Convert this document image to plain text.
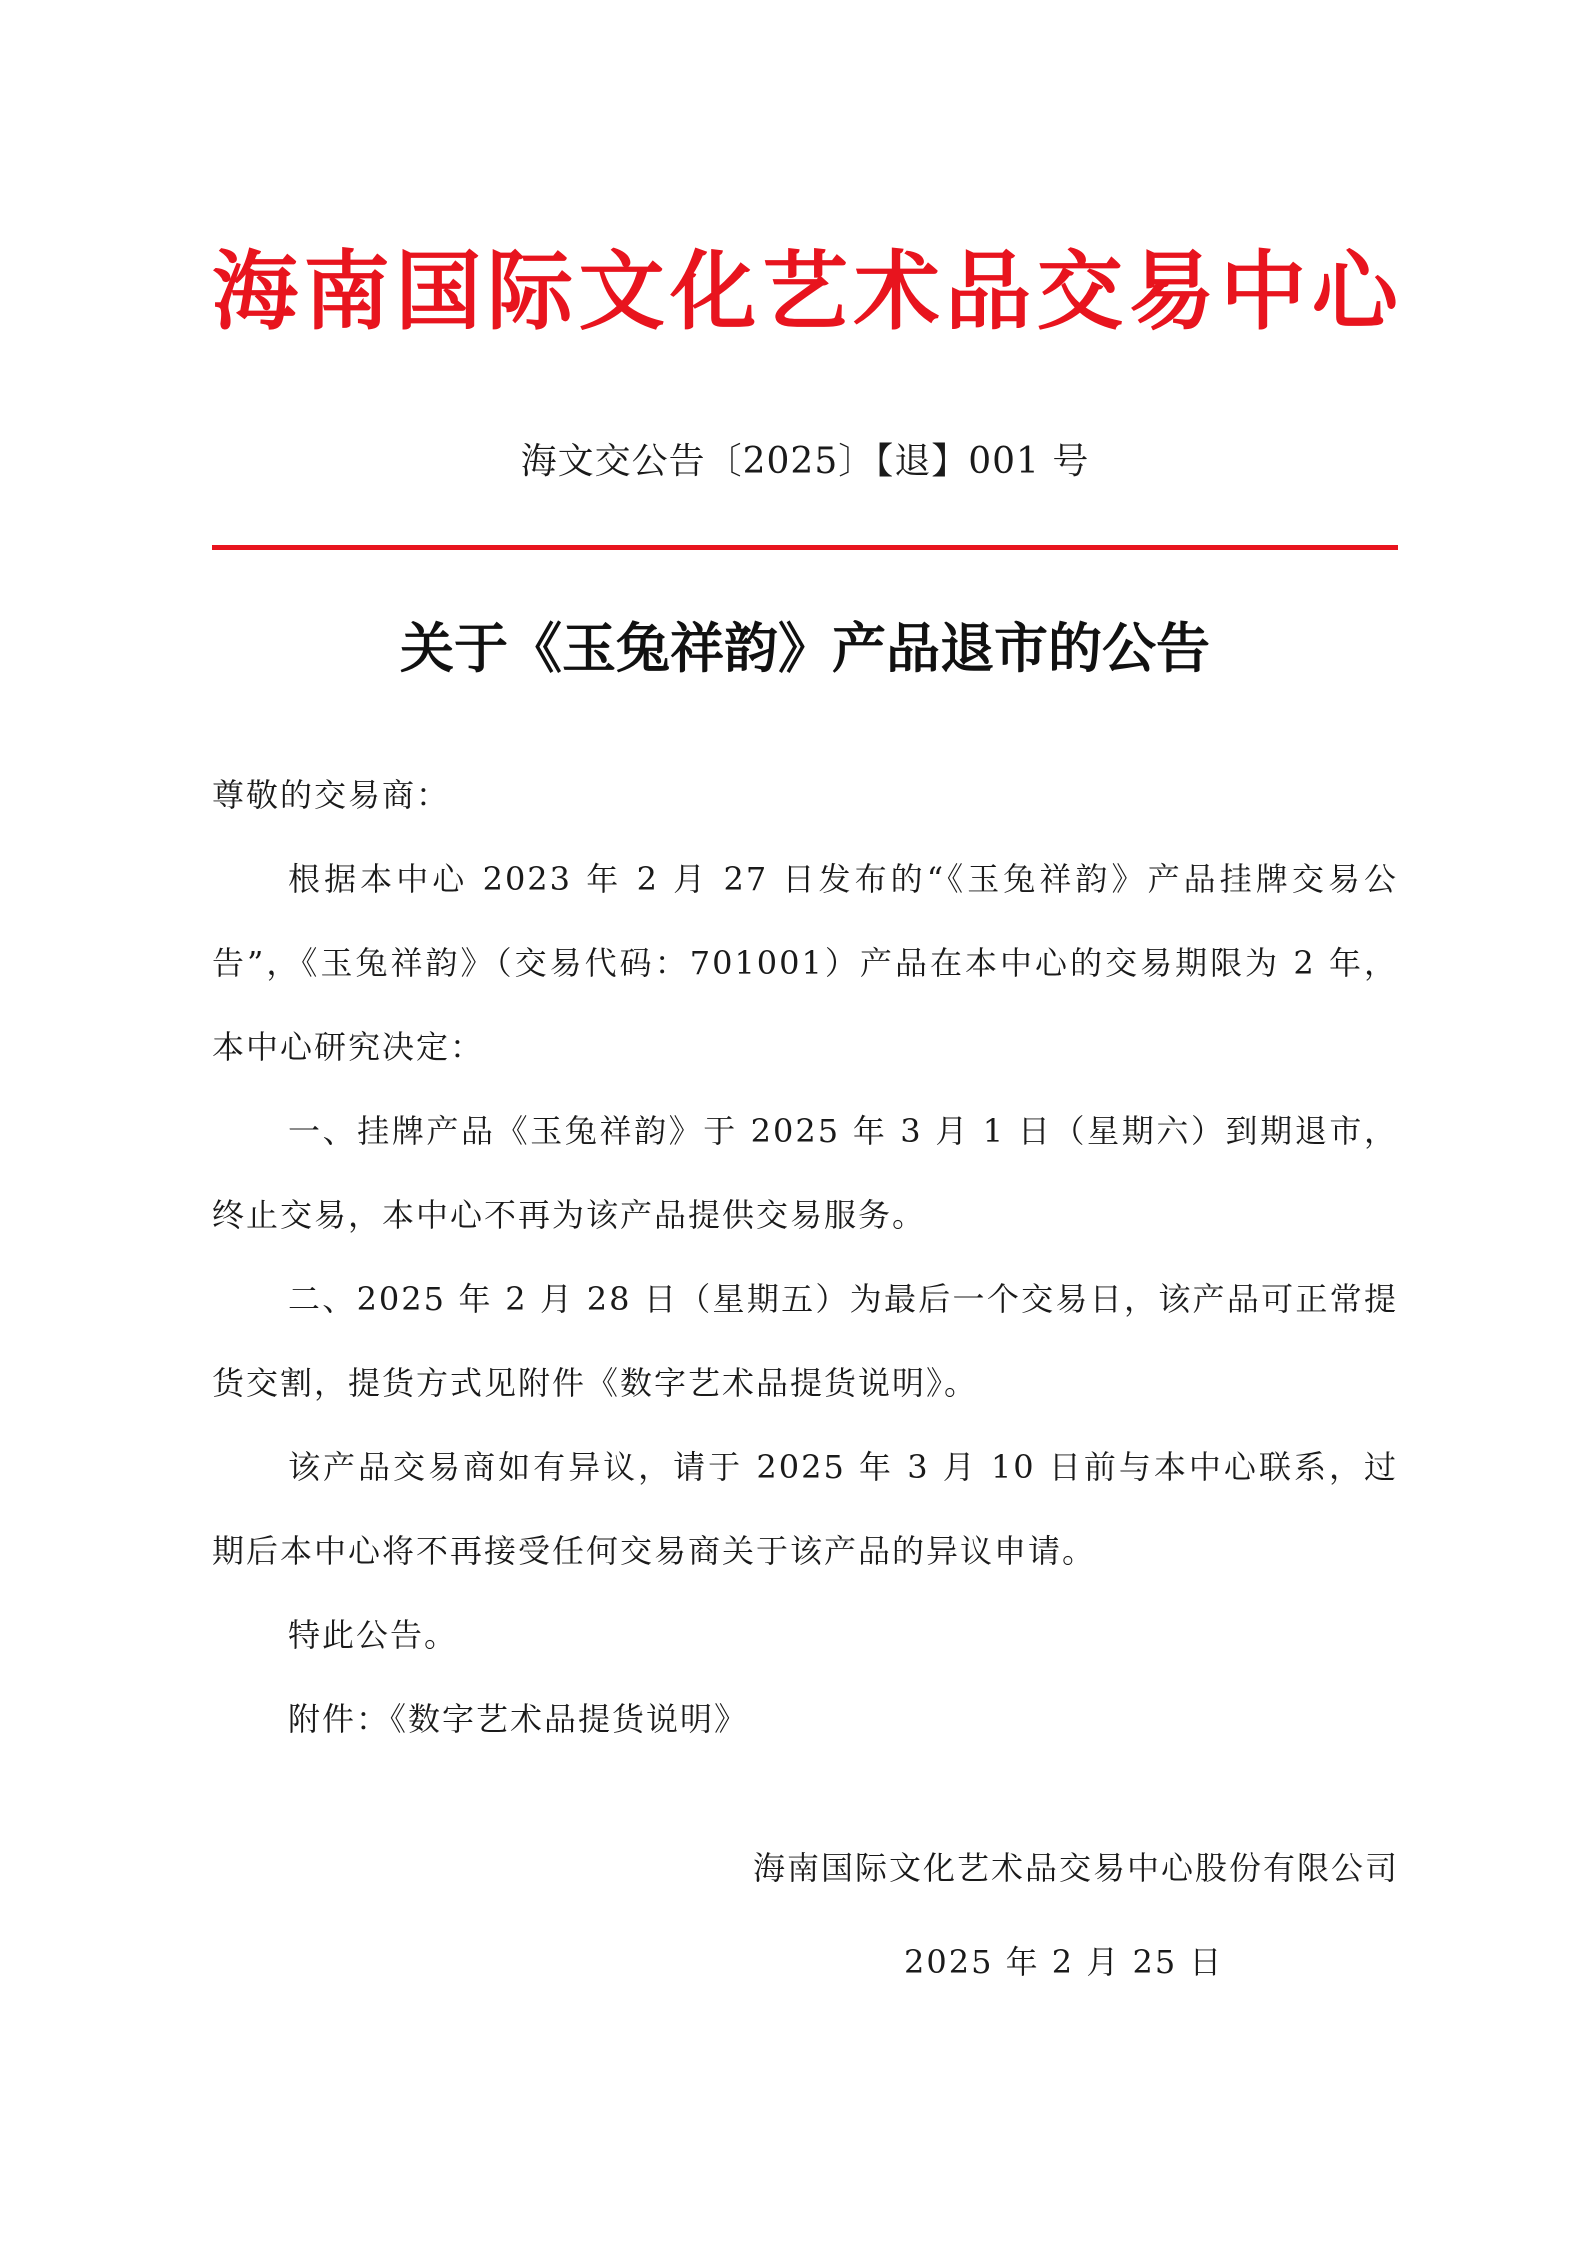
海 南 国 际 文 化 艺 术 品 交 易 中 心
海文交公告〔2025〕【退】001 号
关于《玉兔祥韵》产品退市的公告
尊敬的交易商：
根据本中心 2023 年 2 月 27 日发布的“《玉兔祥韵》产品挂牌交易公告”，《玉兔祥韵》（交易代码：701001）产品在本中心的交易期限为 2 年，本中心研究决定：
一、挂牌产品《玉兔祥韵》于 2025 年 3 月 1 日（星期六）到期退市，终止交易，本中心不再为该产品提供交易服务。
二、2025 年 2 月 28 日（星期五）为最后一个交易日，该产品可正常提货交割，提货方式见附件《数字艺术品提货说明》。
该产品交易商如有异议，请于 2025 年 3 月 10 日前与本中心联系，过期后本中心将不再接受任何交易商关于该产品的异议申请。
特此公告。
附件：《数字艺术品提货说明》
海南国际文化艺术品交易中心股份有限公司
2025 年 2 月 25 日
